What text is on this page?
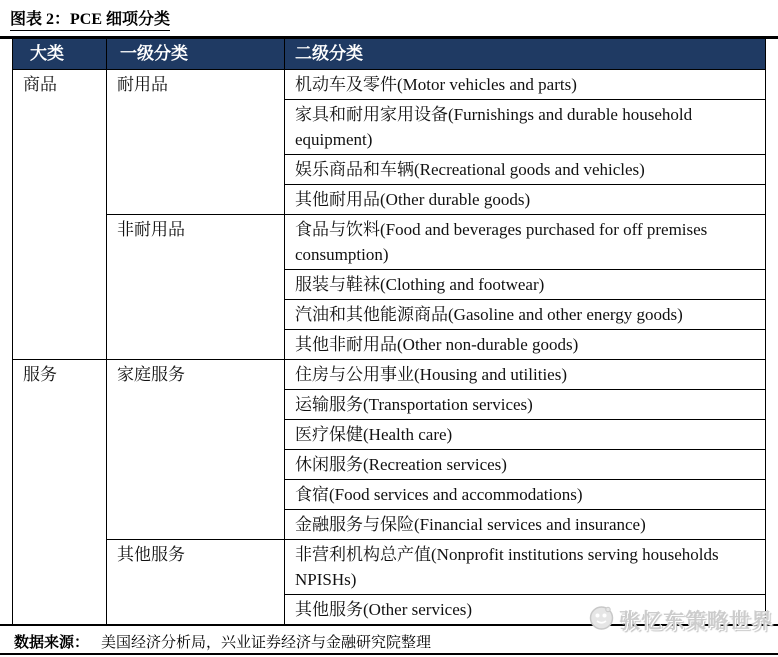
图表 2：PCE 细项分类
大类	一级分类	二级分类
商品	耐用品	机动车及零件(Motor vehicles and parts)
		家具和耐用家用设备(Furnishings and durable household equipment)
		娱乐商品和车辆(Recreational goods and vehicles)
		其他耐用品(Other durable goods)
	非耐用品	食品与饮料(Food and beverages purchased for off premises consumption)
		服装与鞋袜(Clothing and footwear)
		汽油和其他能源商品(Gasoline and other energy goods)
		其他非耐用品(Other non-durable goods)
服务	家庭服务	住房与公用事业(Housing and utilities)
		运输服务(Transportation services)
		医疗保健(Health care)
		休闲服务(Recreation services)
		食宿(Food services and accommodations)
		金融服务与保险(Financial services and insurance)
	其他服务	非营利机构总产值(Nonprofit institutions serving households NPISHs)
		其他服务(Other services)
数据来源： 美国经济分析局，兴业证券经济与金融研究院整理
张忆东策略世界
